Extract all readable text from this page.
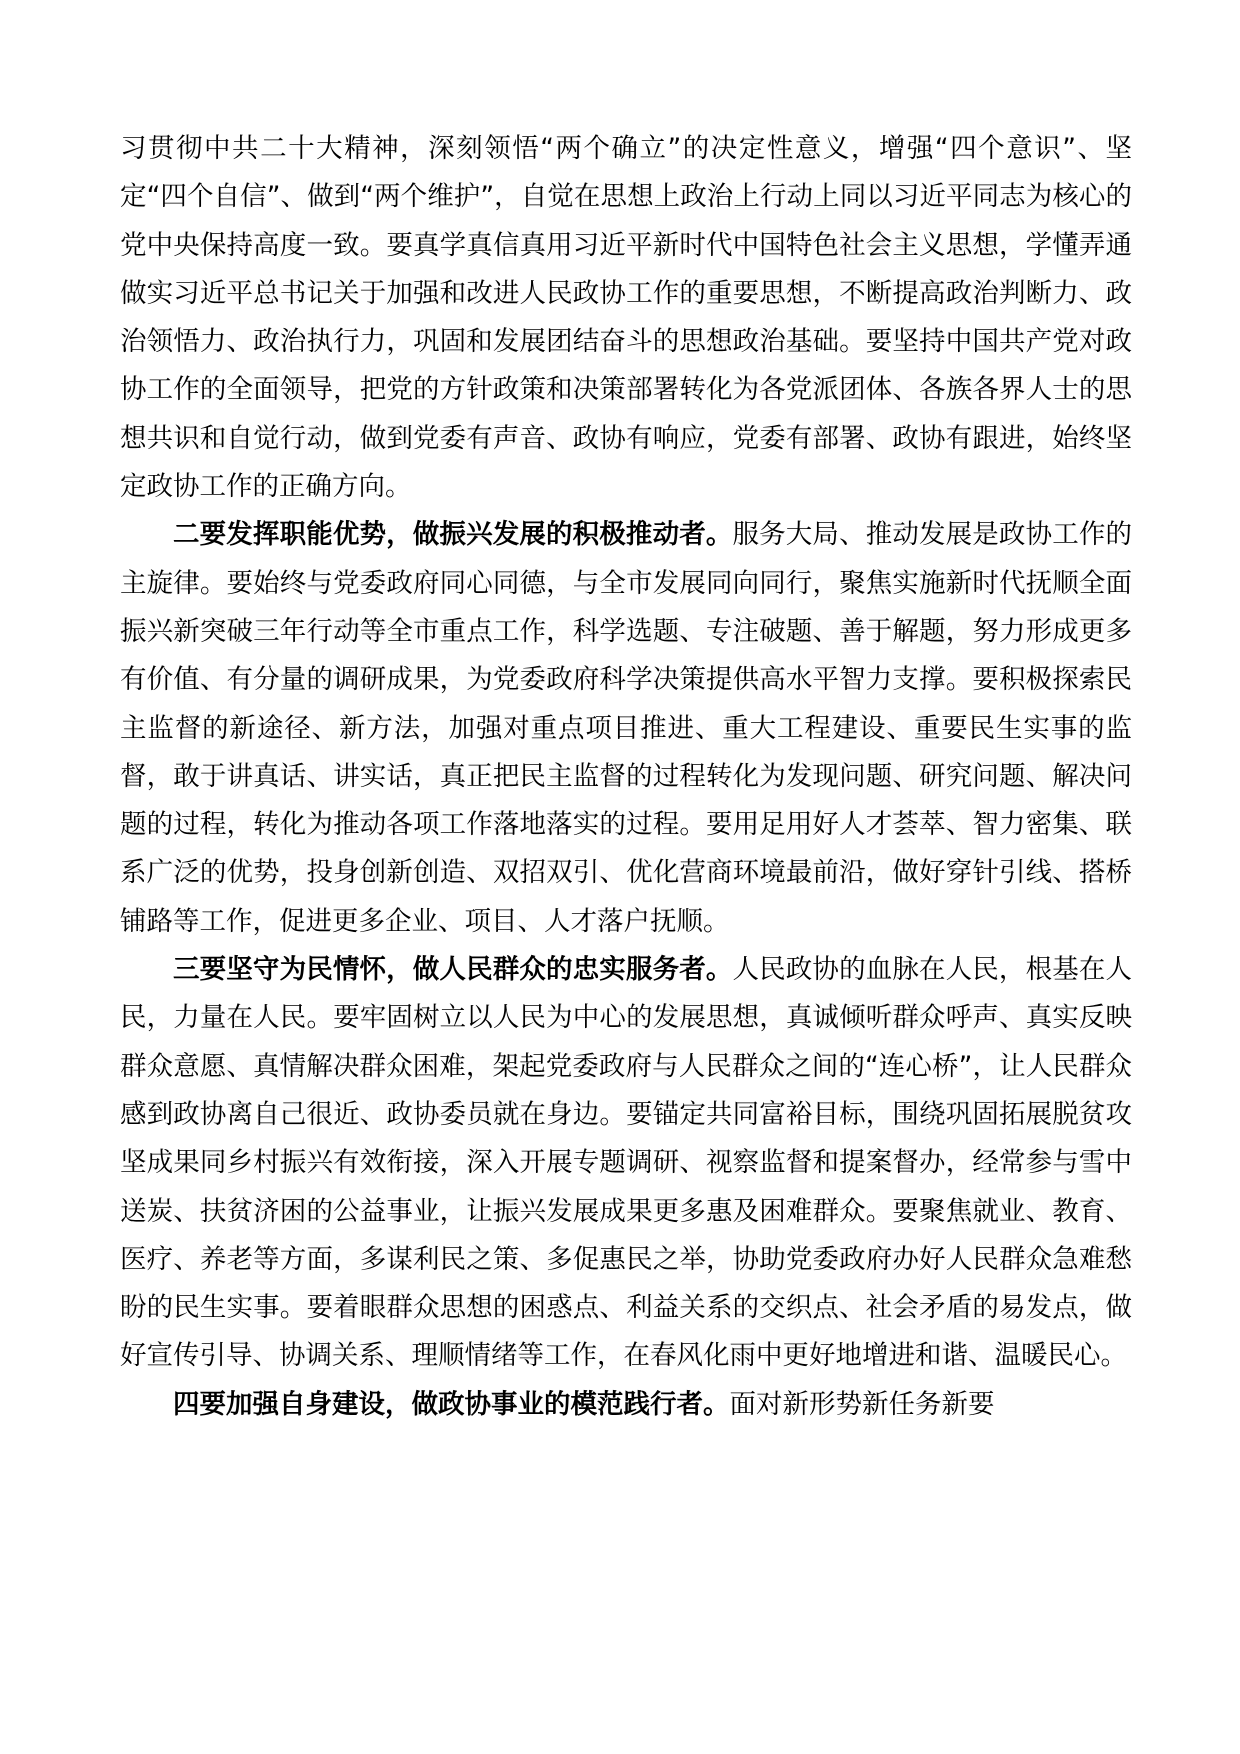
习贯彻中共二十大精神，深刻领悟“两个确立”的决定性意义，增强“四个意识”、坚定“四个自信”、做到“两个维护”，自觉在思想上政治上行动上同以习近平同志为核心的党中央保持高度一致。要真学真信真用习近平新时代中国特色社会主义思想，学懂弄通做实习近平总书记关于加强和改进人民政协工作的重要思想，不断提高政治判断力、政治领悟力、政治执行力，巩固和发展团结奋斗的思想政治基础。要坚持中国共产党对政协工作的全面领导，把党的方针政策和决策部署转化为各党派团体、各族各界人士的思想共识和自觉行动，做到党委有声音、政协有响应，党委有部署、政协有跟进，始终坚定政协工作的正确方向。

二要发挥职能优势，做振兴发展的积极推动者。服务大局、推动发展是政协工作的主旋律。要始终与党委政府同心同德，与全市发展同向同行，聚焦实施新时代抚顺全面振兴新突破三年行动等全市重点工作，科学选题、专注破题、善于解题，努力形成更多有价值、有分量的调研成果，为党委政府科学决策提供高水平智力支撑。要积极探索民主监督的新途径、新方法，加强对重点项目推进、重大工程建设、重要民生实事的监督，敢于讲真话、讲实话，真正把民主监督的过程转化为发现问题、研究问题、解决问题的过程，转化为推动各项工作落地落实的过程。要用足用好人才荟萃、智力密集、联系广泛的优势，投身创新创造、双招双引、优化营商环境最前沿，做好穿针引线、搭桥铺路等工作，促进更多企业、项目、人才落户抚顺。

三要坚守为民情怀，做人民群众的忠实服务者。人民政协的血脉在人民，根基在人民，力量在人民。要牢固树立以人民为中心的发展思想，真诚倾听群众呼声、真实反映群众意愿、真情解决群众困难，架起党委政府与人民群众之间的“连心桥”，让人民群众感到政协离自己很近、政协委员就在身边。要锚定共同富裕目标，围绕巩固拓展脱贫攻坚成果同乡村振兴有效衔接，深入开展专题调研、视察监督和提案督办，经常参与雪中送炭、扶贫济困的公益事业，让振兴发展成果更多惠及困难群众。要聚焦就业、教育、医疗、养老等方面，多谋利民之策、多促惠民之举，协助党委政府办好人民群众急难愁盼的民生实事。要着眼群众思想的困惑点、利益关系的交织点、社会矛盾的易发点，做好宣传引导、协调关系、理顺情绪等工作，在春风化雨中更好地增进和谐、温暖民心。

四要加强自身建设，做政协事业的模范践行者。面对新形势新任务新要
